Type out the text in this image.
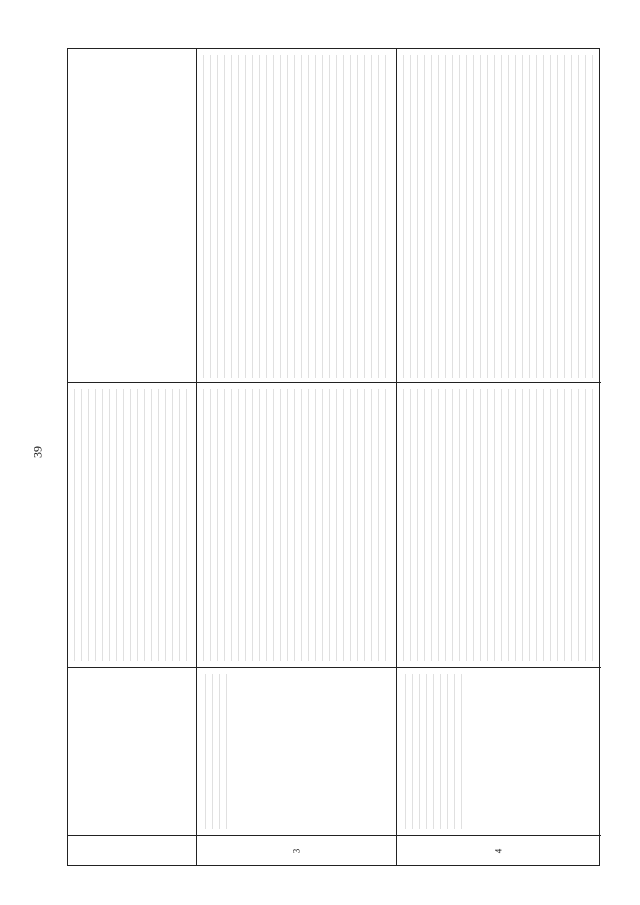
39
3	4
